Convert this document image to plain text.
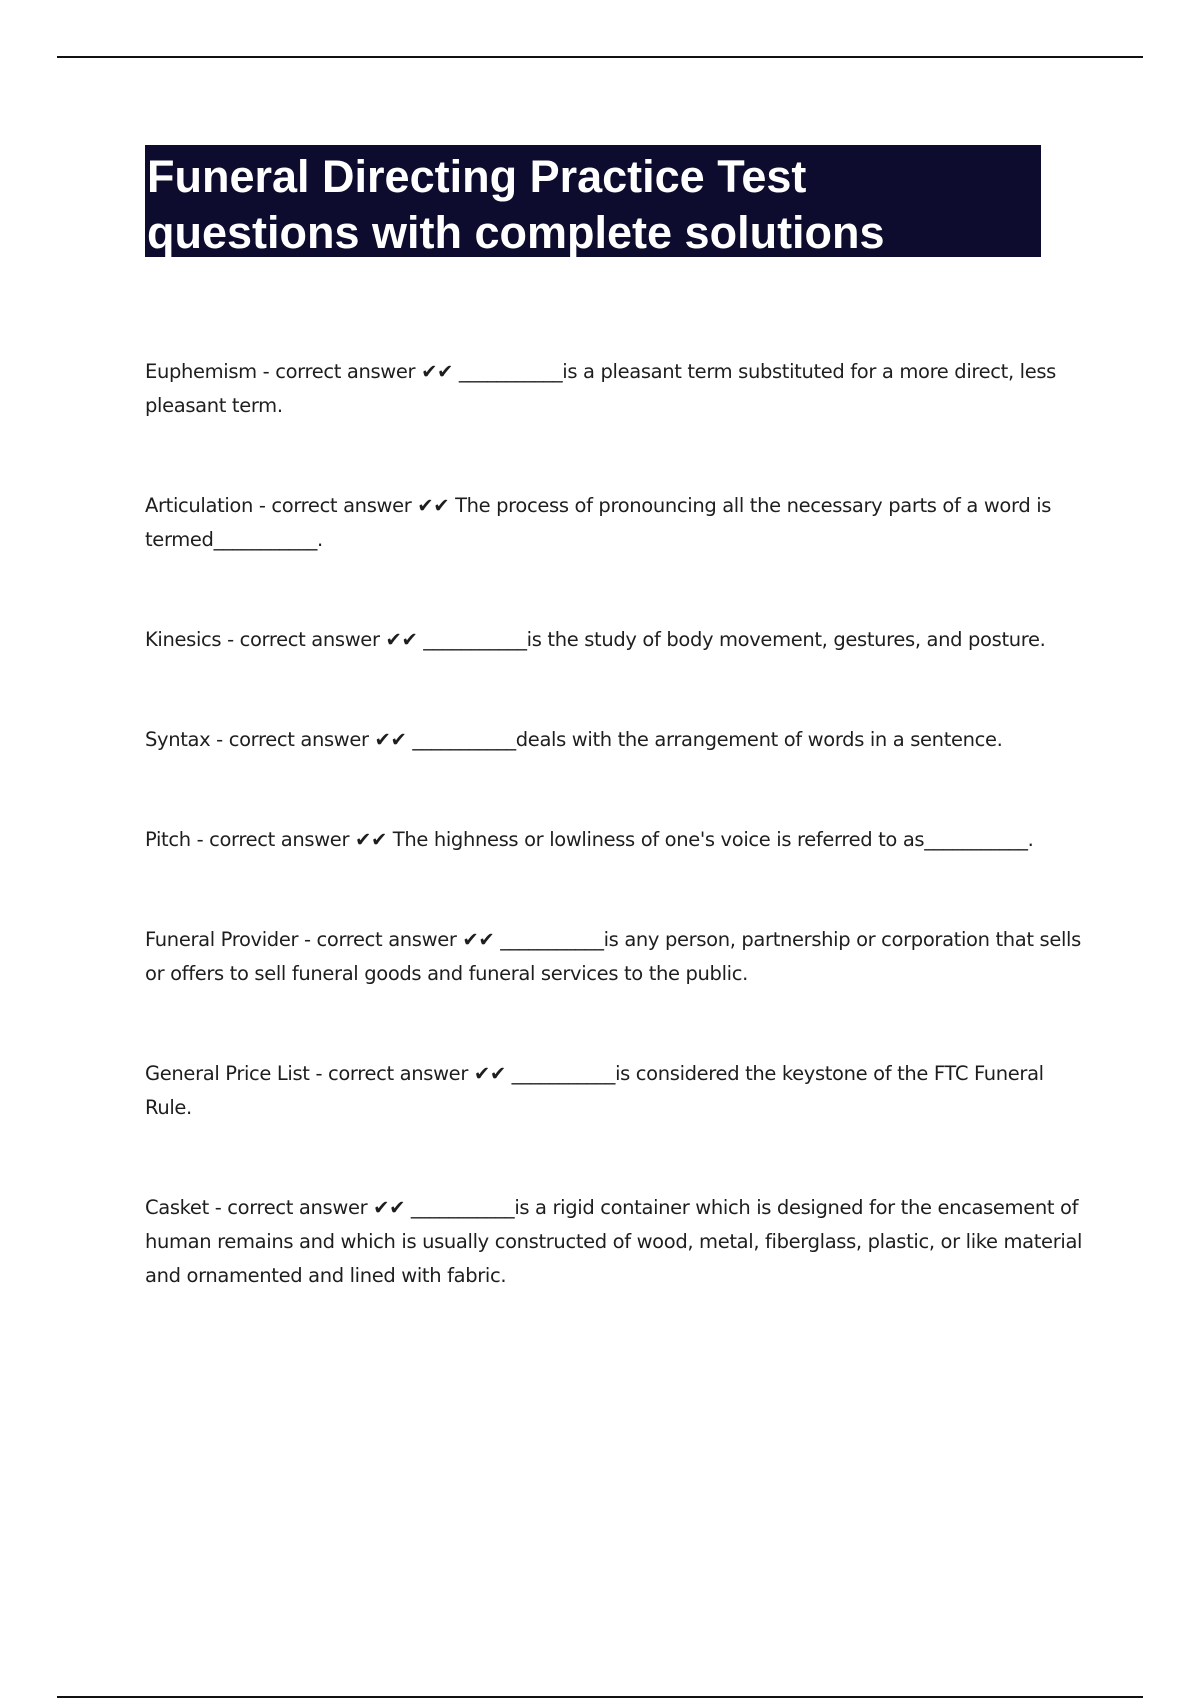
Funeral Directing Practice Test
questions with complete solutions
Euphemism - correct answer ✔✔ ___________is a pleasant term substituted for a more direct, less pleasant term.
Articulation - correct answer ✔✔ The process of pronouncing all the necessary parts of a word is termed___________.
Kinesics - correct answer ✔✔ ___________is the study of body movement, gestures, and posture.
Syntax - correct answer ✔✔ ___________deals with the arrangement of words in a sentence.
Pitch - correct answer ✔✔ The highness or lowliness of one's voice is referred to as___________.
Funeral Provider - correct answer ✔✔ ___________is any person, partnership or corporation that sells or offers to sell funeral goods and funeral services to the public.
General Price List - correct answer ✔✔ ___________is considered the keystone of the FTC Funeral Rule.
Casket - correct answer ✔✔ ___________is a rigid container which is designed for the encasement of human remains and which is usually constructed of wood, metal, fiberglass, plastic, or like material and ornamented and lined with fabric.
